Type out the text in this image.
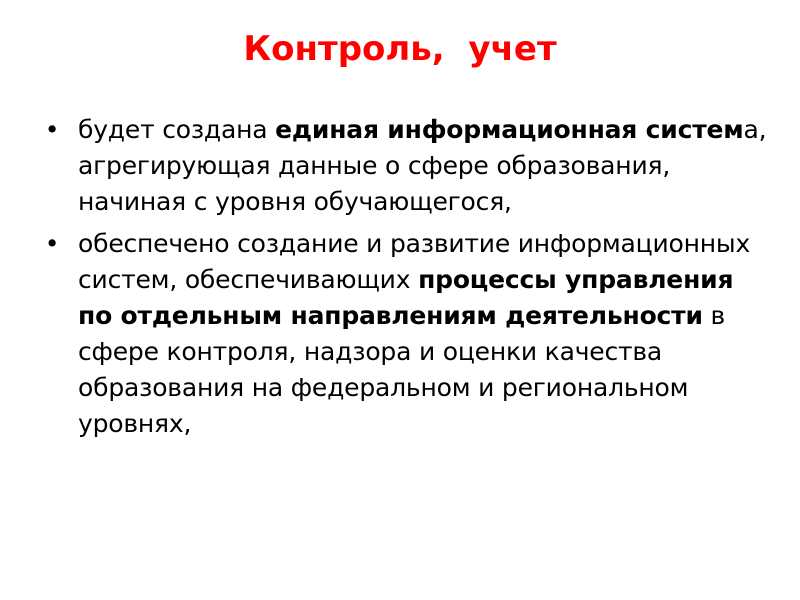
Контроль,  учет
• будет создана единая информационная система, агрегирующая данные о сфере образования, начиная с уровня обучающегося,
• обеспечено создание и развитие информационных систем, обеспечивающих процессы управления по отдельным направлениям деятельности в сфере контроля, надзора и оценки качества образования на федеральном и региональном уровнях,
